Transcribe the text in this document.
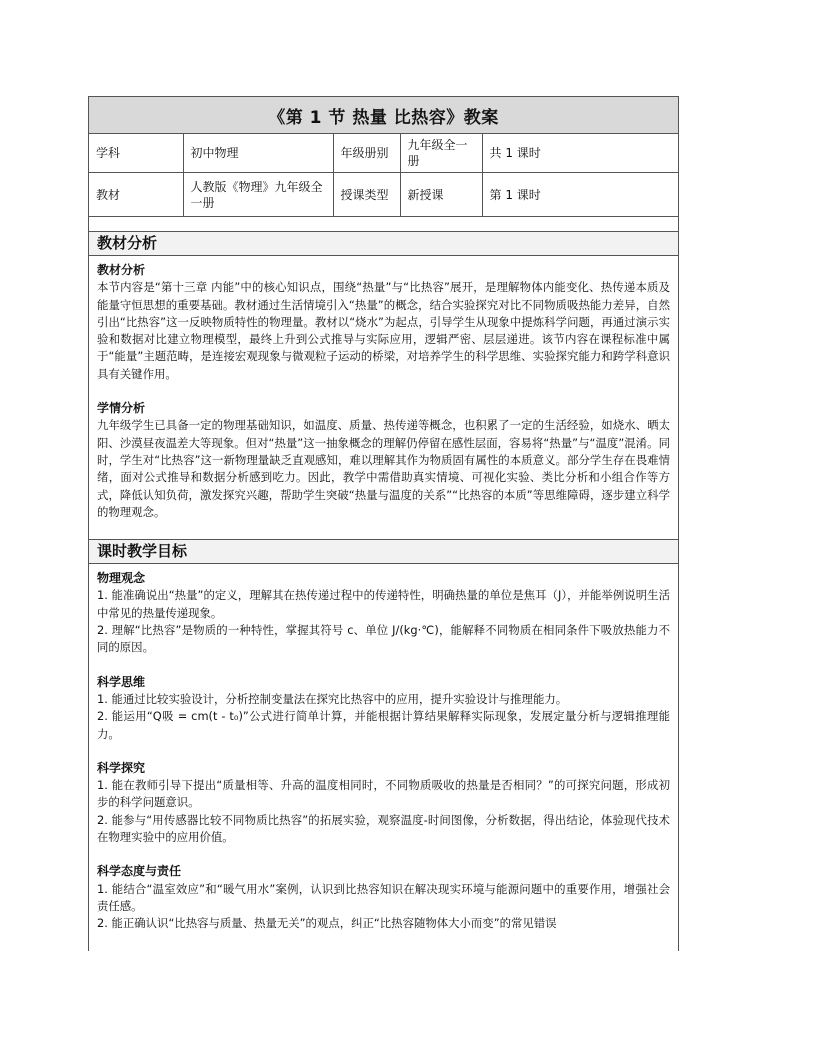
《第 1 节 热量 比热容》教案
学科	初中物理	年级册别	九年级全一册	共 1 课时
教材	人教版《物理》九年级全一册	授课类型	新授课	第 1 课时
教材分析
教材分析

本节内容是“第十三章 内能”中的核心知识点，围绕“热量”与“比热容”展开，是理解物体内能变化、热传递本质及能量守恒思想的重要基础。教材通过生活情境引入“热量”的概念，结合实验探究对比不同物质吸热能力差异，自然引出“比热容”这一反映物质特性的物理量。教材以“烧水”为起点，引导学生从现象中提炼科学问题，再通过演示实验和数据对比建立物理模型，最终上升到公式推导与实际应用，逻辑严密、层层递进。该节内容在课程标准中属于“能量”主题范畴，是连接宏观现象与微观粒子运动的桥梁，对培养学生的科学思维、实验探究能力和跨学科意识具有关键作用。

学情分析

九年级学生已具备一定的物理基础知识，如温度、质量、热传递等概念，也积累了一定的生活经验，如烧水、晒太阳、沙漠昼夜温差大等现象。但对“热量”这一抽象概念的理解仍停留在感性层面，容易将“热量”与“温度”混淆。同时，学生对“比热容”这一新物理量缺乏直观感知，难以理解其作为物质固有属性的本质意义。部分学生存在畏难情绪，面对公式推导和数据分析感到吃力。因此，教学中需借助真实情境、可视化实验、类比分析和小组合作等方式，降低认知负荷，激发探究兴趣，帮助学生突破“热量与温度的关系”“比热容的本质”等思维障碍，逐步建立科学的物理观念。

课时教学目标
物理观念

1. 能准确说出“热量”的定义，理解其在热传递过程中的传递特性，明确热量的单位是焦耳（J），并能举例说明生活中常见的热量传递现象。

2. 理解“比热容”是物质的一种特性，掌握其符号 c、单位 J/(kg·℃)，能解释不同物质在相同条件下吸放热能力不同的原因。

科学思维

1. 能通过比较实验设计，分析控制变量法在探究比热容中的应用，提升实验设计与推理能力。

2. 能运用“Q吸 = cm(t - t₀)”公式进行简单计算，并能根据计算结果解释实际现象，发展定量分析与逻辑推理能力。

科学探究

1. 能在教师引导下提出“质量相等、升高的温度相同时，不同物质吸收的热量是否相同？”的可探究问题，形成初步的科学问题意识。

2. 能参与“用传感器比较不同物质比热容”的拓展实验，观察温度-时间图像，分析数据，得出结论，体验现代技术在物理实验中的应用价值。

科学态度与责任

1. 能结合“温室效应”和“暖气用水”案例，认识到比热容知识在解决现实环境与能源问题中的重要作用，增强社会责任感。

2. 能正确认识“比热容与质量、热量无关”的观点，纠正“比热容随物体大小而变”的常见错误
